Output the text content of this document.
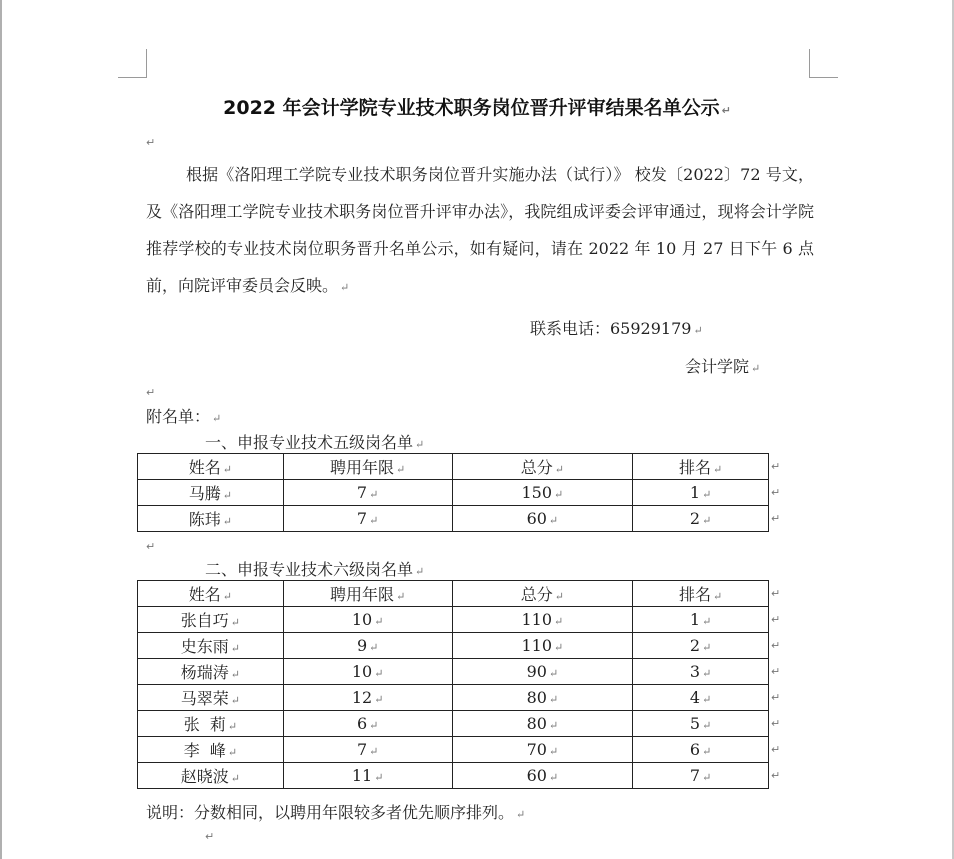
2022 年会计学院专业技术职务岗位晋升评审结果名单公示 ↵
↵

根据《洛阳理工学院专业技术职务岗位晋升实施办法（试行）》 校发〔2022〕72 号文，及《洛阳理工学院专业技术职务岗位晋升评审办法》，我院组成评委会评审通过，现将会计学院推荐学校的专业技术岗位职务晋升名单公示，如有疑问，请在 2022 年 10 月 27 日下午 6 点前，向院评审委员会反映。 ↵

联系电话：65929179 ↵
会计学院 ↵
↵
附名单： ↵
一、申报专业技术五级岗名单 ↵
姓名 ↵	聘用年限 ↵	总分 ↵	排名 ↵
马腾 ↵	7 ↵	150 ↵	1 ↵
陈玮 ↵	7 ↵	60 ↵	2 ↵
↵
↵
↵
↵
二、申报专业技术六级岗名单 ↵
姓名 ↵	聘用年限 ↵	总分 ↵	排名 ↵
张自巧 ↵	10 ↵	110 ↵	1 ↵
史东雨 ↵	9 ↵	110 ↵	2 ↵
杨瑞涛 ↵	10 ↵	90 ↵	3 ↵
马翠荣 ↵	12 ↵	80 ↵	4 ↵
张  莉 ↵	6 ↵	80 ↵	5 ↵
李  峰 ↵	7 ↵	70 ↵	6 ↵
赵晓波 ↵	11 ↵	60 ↵	7 ↵
↵
↵
↵
↵
↵
↵
↵
↵
说明：分数相同，以聘用年限较多者优先顺序排列。 ↵
↵
